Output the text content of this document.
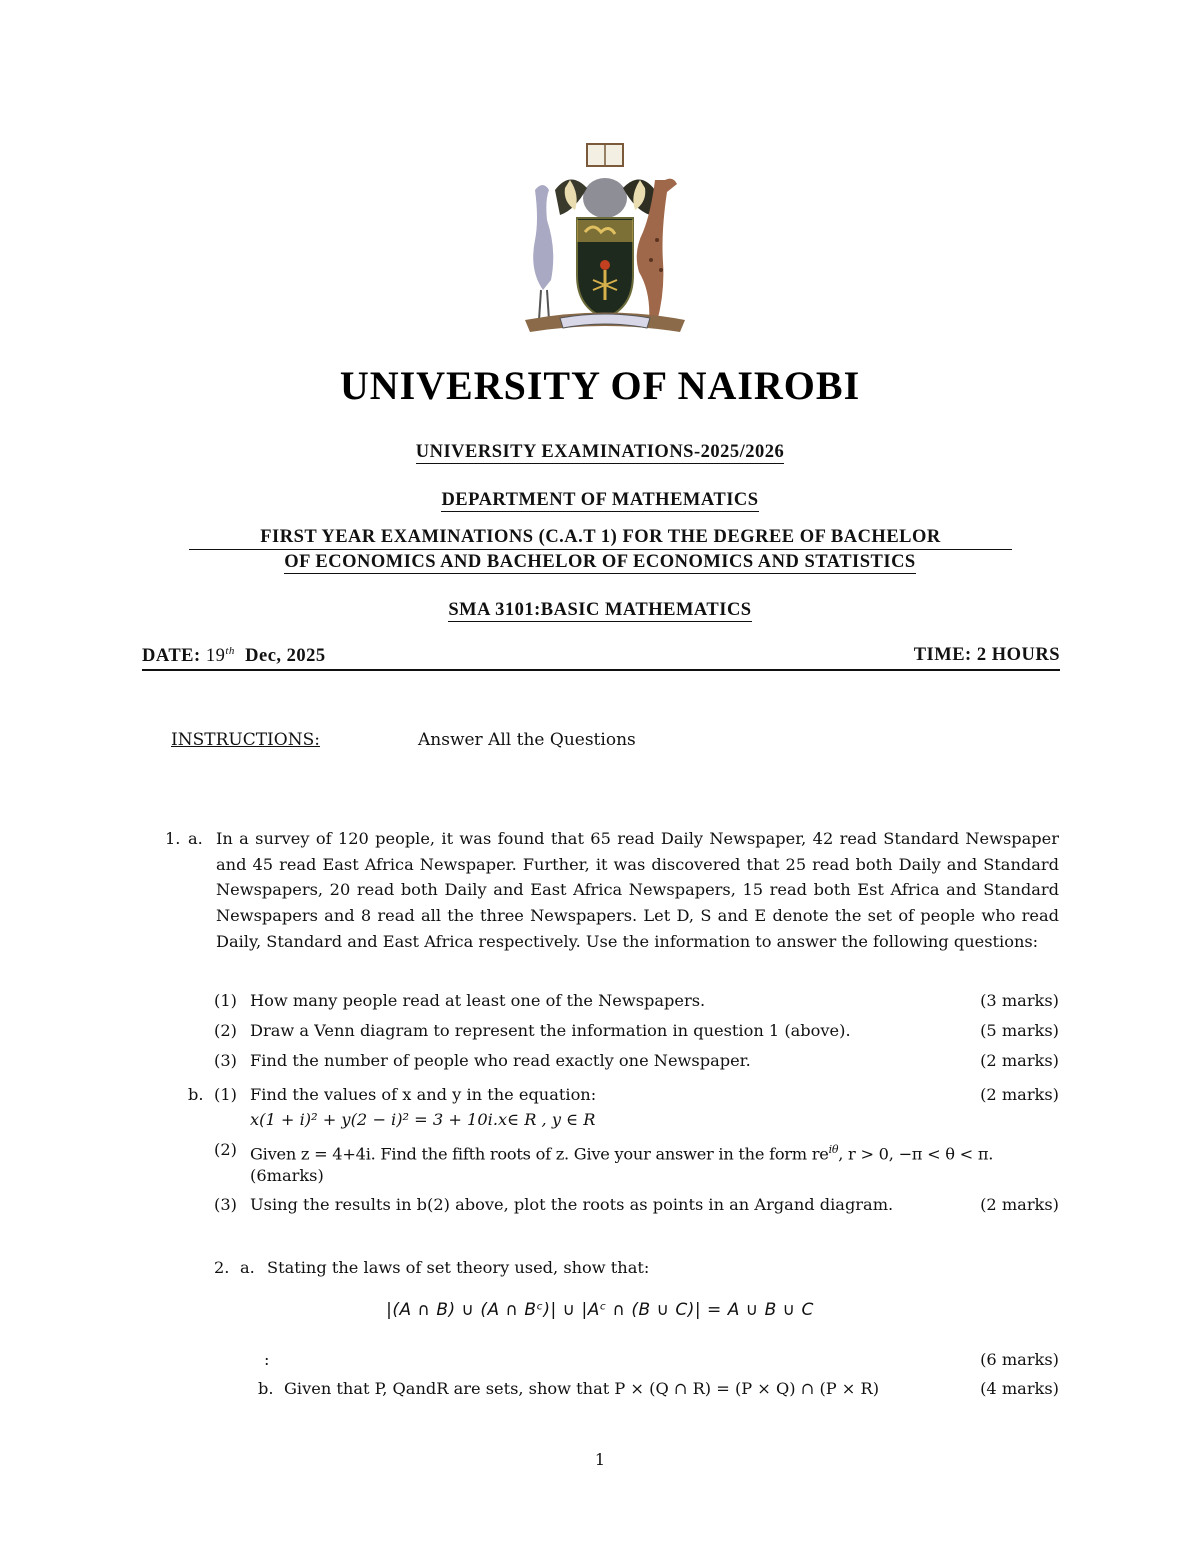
UNIVERSITY OF NAIROBI
UNIVERSITY EXAMINATIONS-2025/2026
DEPARTMENT OF MATHEMATICS
FIRST YEAR EXAMINATIONS (C.A.T 1) FOR THE DEGREE OF BACHELOR
OF ECONOMICS AND BACHELOR OF ECONOMICS AND STATISTICS
SMA 3101:BASIC MATHEMATICS
DATE: 19th Dec, 2025	TIME: 2 HOURS
INSTRUCTIONS:	Answer All the Questions
1. a. In a survey of 120 people, it was found that 65 read Daily Newspaper, 42 read Standard Newspaper and 45 read East Africa Newspaper. Further, it was discovered that 25 read both Daily and Standard Newspapers, 20 read both Daily and East Africa Newspapers, 15 read both Est Africa and Standard Newspapers and 8 read all the three Newspapers. Let D, S and E denote the set of people who read Daily, Standard and East Africa respectively. Use the information to answer the following questions:
(1) How many people read at least one of the Newspapers.	(3 marks)
(2) Draw a Venn diagram to represent the information in question 1 (above).	(5 marks)
(3) Find the number of people who read exactly one Newspaper.	(2 marks)
b. (1) Find the values of x and y in the equation:	(2 marks)
x(1 + i)² + y(2 − i)² = 3 + 10i.x∈ R , y ∈ R
(2) Given z = 4+4i. Find the fifth roots of z. Give your answer in the form $re^{i\theta}$, r > 0, −π < θ < π.
(6marks)
(3) Using the results in b(2) above, plot the roots as points in an Argand diagram.	(2 marks)
2. a. Stating the laws of set theory used, show that:
|(A ∩ B) ∪ (A ∩ Bᶜ)| ∪ |Aᶜ ∩ (B ∪ C)| = A ∪ B ∪ C
:	(6 marks)
b. Given that P, QandR are sets, show that P × (Q ∩ R) = (P × Q) ∩ (P × R)	(4 marks)
1
